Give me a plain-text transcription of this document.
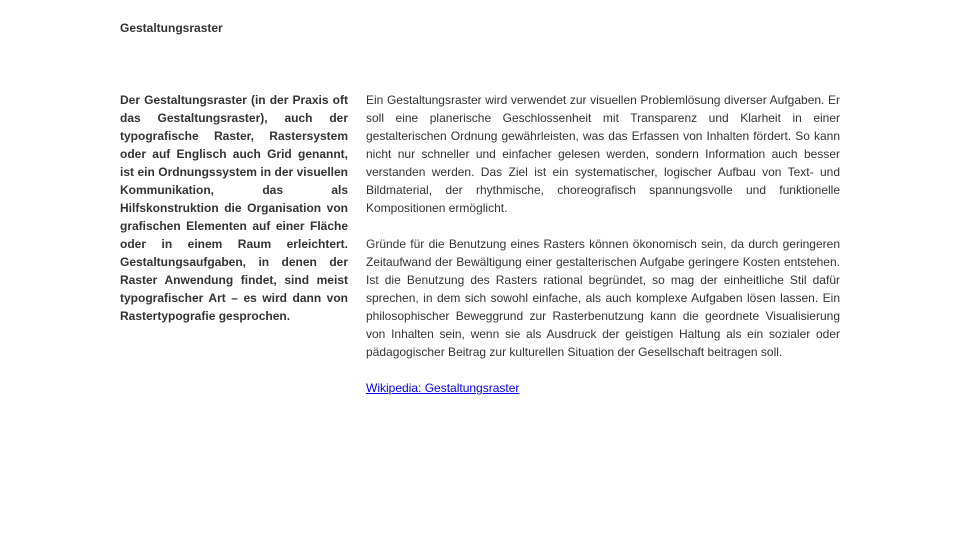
Gestaltungsraster

Der Gestaltungsraster (in der Praxis oft das Gestaltungsraster), auch der typografische Raster, Rastersystem oder auf Englisch auch Grid genannt, ist ein Ordnungssystem in der visuellen Kommunikation, das als Hilfskonstruktion die Organisation von grafischen Elementen auf einer Fläche oder in einem Raum erleichtert. Gestaltungsaufgaben, in denen der Raster Anwendung findet, sind meist typografischer Art – es wird dann von Rastertypografie gesprochen.

Ein Gestaltungsraster wird verwendet zur visuellen Problemlösung diverser Aufgaben. Er soll eine planerische Geschlossenheit mit Transparenz und Klarheit in einer gestalterischen Ordnung gewährleisten, was das Erfassen von Inhalten fördert. So kann nicht nur schneller und einfacher gelesen werden, sondern Information auch besser verstanden werden. Das Ziel ist ein systematischer, logischer Aufbau von Text- und Bildmaterial, der rhythmische, choreografisch spannungsvolle und funktionelle Kompositionen ermöglicht.

Gründe für die Benutzung eines Rasters können ökonomisch sein, da durch geringeren Zeitaufwand der Bewältigung einer gestalterischen Aufgabe geringere Kosten entstehen. Ist die Benutzung des Rasters rational begründet, so mag der einheitliche Stil dafür sprechen, in dem sich sowohl einfache, als auch komplexe Aufgaben lösen lassen. Ein philosophischer Beweggrund zur Rasterbenutzung kann die geordnete Visualisierung von Inhalten sein, wenn sie als Ausdruck der geistigen Haltung als ein sozialer oder pädagogischer Beitrag zur kulturellen Situation der Gesellschaft beitragen soll.

Wikipedia: Gestaltungsraster
